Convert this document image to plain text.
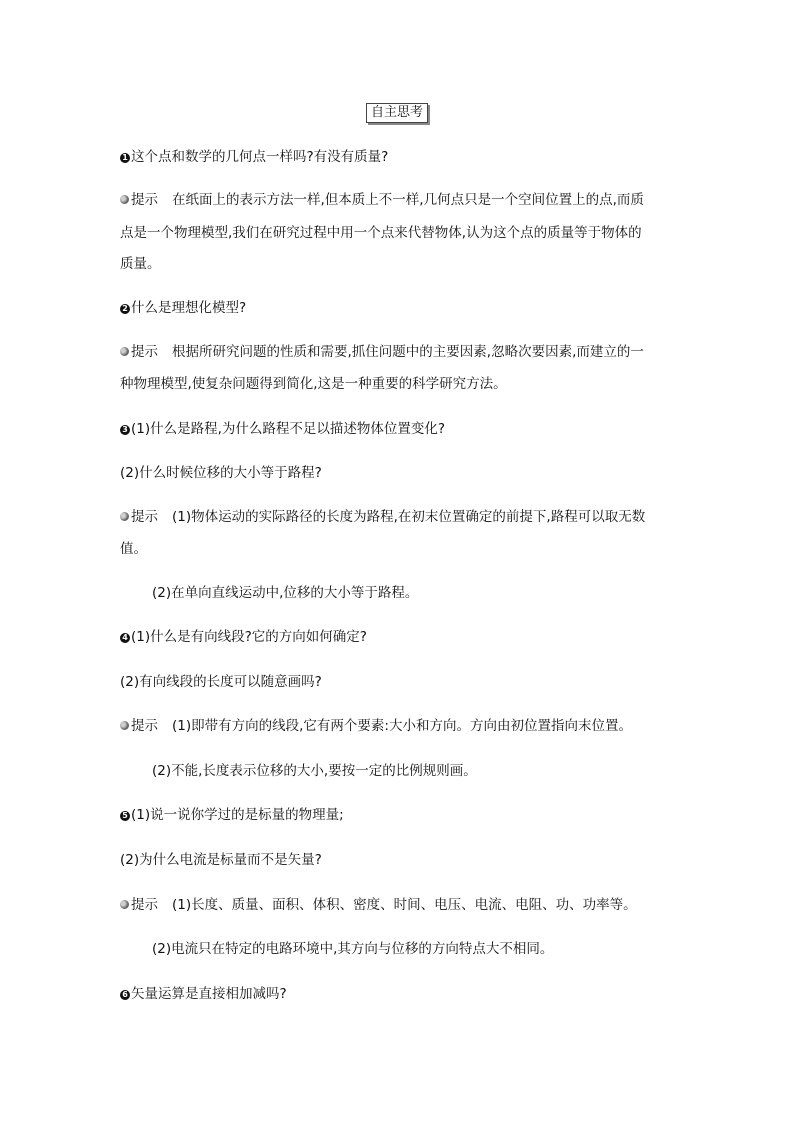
自主思考
1 这个点和数学的几何点一样吗?有没有质量?
提示 在纸面上的表示方法一样,但本质上不一样,几何点只是一个空间位置上的点,而质
点是一个物理模型,我们在研究过程中用一个点来代替物体,认为这个点的质量等于物体的
质量。
2 什么是理想化模型?
提示 根据所研究问题的性质和需要,抓住问题中的主要因素,忽略次要因素,而建立的一
种物理模型,使复杂问题得到简化,这是一种重要的科学研究方法。
3 (1)什么是路程,为什么路程不足以描述物体位置变化?
(2)什么时候位移的大小等于路程?
提示 (1)物体运动的实际路径的长度为路程,在初末位置确定的前提下,路程可以取无数
值。
(2)在单向直线运动中,位移的大小等于路程。
4 (1)什么是有向线段?它的方向如何确定?
(2)有向线段的长度可以随意画吗?
提示 (1)即带有方向的线段,它有两个要素:大小和方向。方向由初位置指向末位置。
(2)不能,长度表示位移的大小,要按一定的比例规则画。
5 (1)说一说你学过的是标量的物理量;
(2)为什么电流是标量而不是矢量?
提示 (1)长度、质量、面积、体积、密度、时间、电压、电流、电阻、功、功率等。
(2)电流只在特定的电路环境中,其方向与位移的方向特点大不相同。
6 矢量运算是直接相加减吗?
